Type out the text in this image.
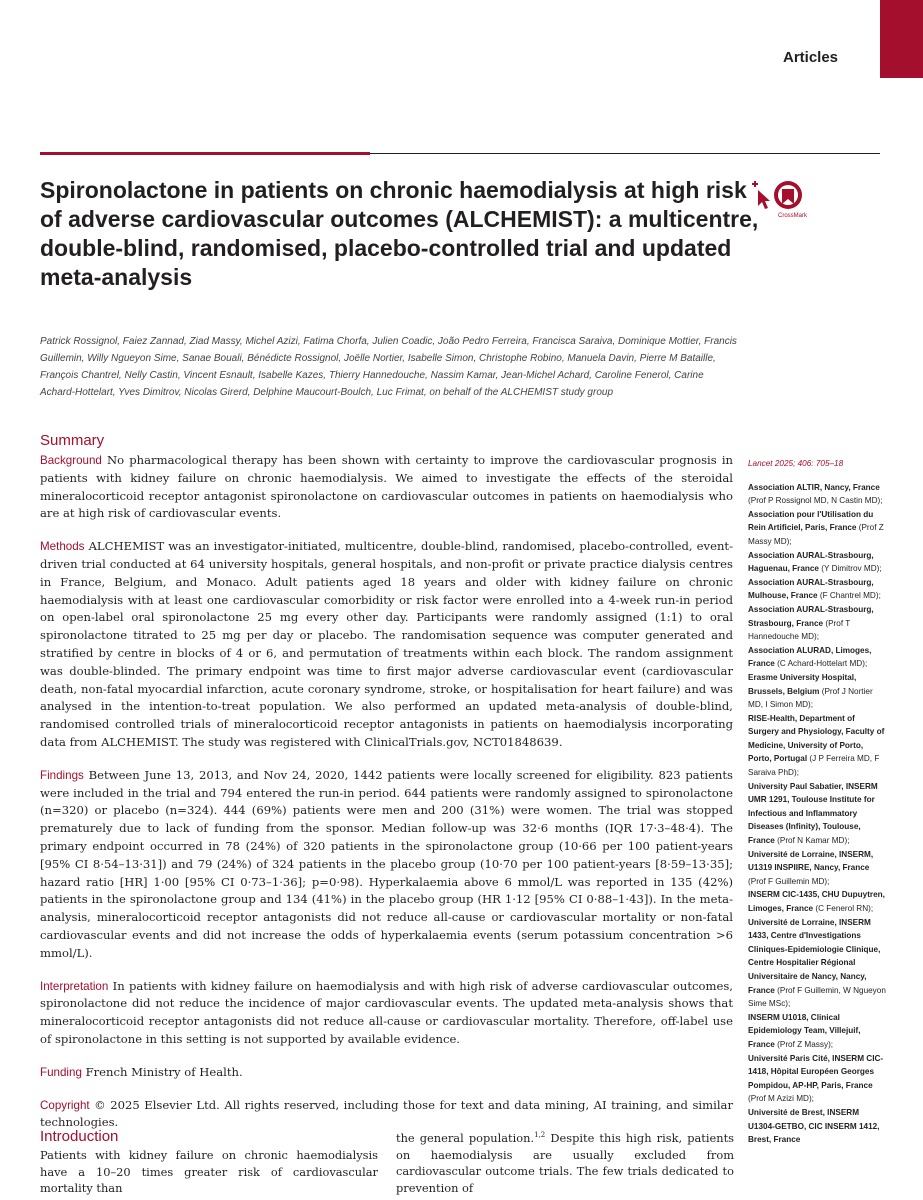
Articles
Spironolactone in patients on chronic haemodialysis at high risk of adverse cardiovascular outcomes (ALCHEMIST): a multicentre, double-blind, randomised, placebo-controlled trial and updated meta-analysis
CrossMark

Patrick Rossignol, Faiez Zannad, Ziad Massy, Michel Azizi, Fatima Chorfa, Julien Coadic, João Pedro Ferreira, Francisca Saraiva, Dominique Mottier, Francis Guillemin, Willy Ngueyon Sime, Sanae Bouali, Bénédicte Rossignol, Joëlle Nortier, Isabelle Simon, Christophe Robino, Manuela Davin, Pierre M Bataille, François Chantrel, Nelly Castin, Vincent Esnault, Isabelle Kazes, Thierry Hannedouche, Nassim Kamar, Jean-Michel Achard, Caroline Fenerol, Carine Achard-Hottelart, Yves Dimitrov, Nicolas Girerd, Delphine Maucourt-Boulch, Luc Frimat, on behalf of the ALCHEMIST study group

Summary

Background No pharmacological therapy has been shown with certainty to improve the cardiovascular prognosis in patients with kidney failure on chronic haemodialysis. We aimed to investigate the effects of the steroidal mineralocorticoid receptor antagonist spironolactone on cardiovascular outcomes in patients on haemodialysis who are at high risk of cardiovascular events.

Methods ALCHEMIST was an investigator-initiated, multicentre, double-blind, randomised, placebo-controlled, event-driven trial conducted at 64 university hospitals, general hospitals, and non-profit or private practice dialysis centres in France, Belgium, and Monaco. Adult patients aged 18 years and older with kidney failure on chronic haemodialysis with at least one cardiovascular comorbidity or risk factor were enrolled into a 4-week run-in period on open-label oral spironolactone 25 mg every other day. Participants were randomly assigned (1:1) to oral spironolactone titrated to 25 mg per day or placebo. The randomisation sequence was computer generated and stratified by centre in blocks of 4 or 6, and permutation of treatments within each block. The random assignment was double-blinded. The primary endpoint was time to first major adverse cardiovascular event (cardiovascular death, non-fatal myocardial infarction, acute coronary syndrome, stroke, or hospitalisation for heart failure) and was analysed in the intention-to-treat population. We also performed an updated meta-analysis of double-blind, randomised controlled trials of mineralocorticoid receptor antagonists in patients on haemodialysis incorporating data from ALCHEMIST. The study was registered with ClinicalTrials.gov, NCT01848639.

Findings Between June 13, 2013, and Nov 24, 2020, 1442 patients were locally screened for eligibility. 823 patients were included in the trial and 794 entered the run-in period. 644 patients were randomly assigned to spironolactone (n=320) or placebo (n=324). 444 (69%) patients were men and 200 (31%) were women. The trial was stopped prematurely due to lack of funding from the sponsor. Median follow-up was 32·6 months (IQR 17·3–48·4). The primary endpoint occurred in 78 (24%) of 320 patients in the spironolactone group (10·66 per 100 patient-years [95% CI 8·54–13·31]) and 79 (24%) of 324 patients in the placebo group (10·70 per 100 patient-years [8·59–13·35]; hazard ratio [HR] 1·00 [95% CI 0·73–1·36]; p=0·98). Hyperkalaemia above 6 mmol/L was reported in 135 (42%) patients in the spironolactone group and 134 (41%) in the placebo group (HR 1·12 [95% CI 0·88–1·43]). In the meta-analysis, mineralocorticoid receptor antagonists did not reduce all-cause or cardiovascular mortality or non-fatal cardiovascular events and did not increase the odds of hyperkalaemia events (serum potassium concentration >6 mmol/L).

Interpretation In patients with kidney failure on haemodialysis and with high risk of adverse cardiovascular outcomes, spironolactone did not reduce the incidence of major cardiovascular events. The updated meta-analysis shows that mineralocorticoid receptor antagonists did not reduce all-cause or cardiovascular mortality. Therefore, off-label use of spironolactone in this setting is not supported by available evidence.

Funding French Ministry of Health.

Copyright © 2025 Elsevier Ltd. All rights reserved, including those for text and data mining, AI training, and similar technologies.

Introduction

Patients with kidney failure on chronic haemodialysis have a 10–20 times greater risk of cardiovascular mortality than

the general population.$^{1,2}$ Despite this high risk, patients on haemodialysis are usually excluded from cardiovascular outcome trials. The few trials dedicated to prevention of

Lancet 2025; 406: 705–18

Association ALTIR, Nancy, France (Prof P Rossignol MD, N Castin MD);

Association pour l'Utilisation du Rein Artificiel, Paris, France (Prof Z Massy MD);

Association AURAL-Strasbourg, Haguenau, France (Y Dimitrov MD);

Association AURAL-Strasbourg, Mulhouse, France (F Chantrel MD);

Association AURAL-Strasbourg, Strasbourg, France (Prof T Hannedouche MD);

Association ALURAD, Limoges, France (C Achard-Hottelart MD);

Erasme University Hospital, Brussels, Belgium (Prof J Nortier MD, I Simon MD);

RISE-Health, Department of Surgery and Physiology, Faculty of Medicine, University of Porto, Porto, Portugal (J P Ferreira MD, F Saraiva PhD);

University Paul Sabatier, INSERM UMR 1291, Toulouse Institute for Infectious and Inflammatory Diseases (Infinity), Toulouse, France (Prof N Kamar MD);

Université de Lorraine, INSERM, U1319 INSPIIRE, Nancy, France (Prof F Guillemin MD);

INSERM CIC-1435, CHU Dupuytren, Limoges, France (C Fenerol RN);

Université de Lorraine, INSERM 1433, Centre d'Investigations Cliniques-Epidemiologie Clinique, Centre Hospitalier Régional Universitaire de Nancy, Nancy, France (Prof F Guillemin, W Ngueyon Sime MSc);

INSERM U1018, Clinical Epidemiology Team, Villejuif, France (Prof Z Massy);

Université Paris Cité, INSERM CIC-1418, Hôpital Européen Georges Pompidou, AP-HP, Paris, France (Prof M Azizi MD);

Université de Brest, INSERM U1304-GETBO, CIC INSERM 1412, Brest, France
